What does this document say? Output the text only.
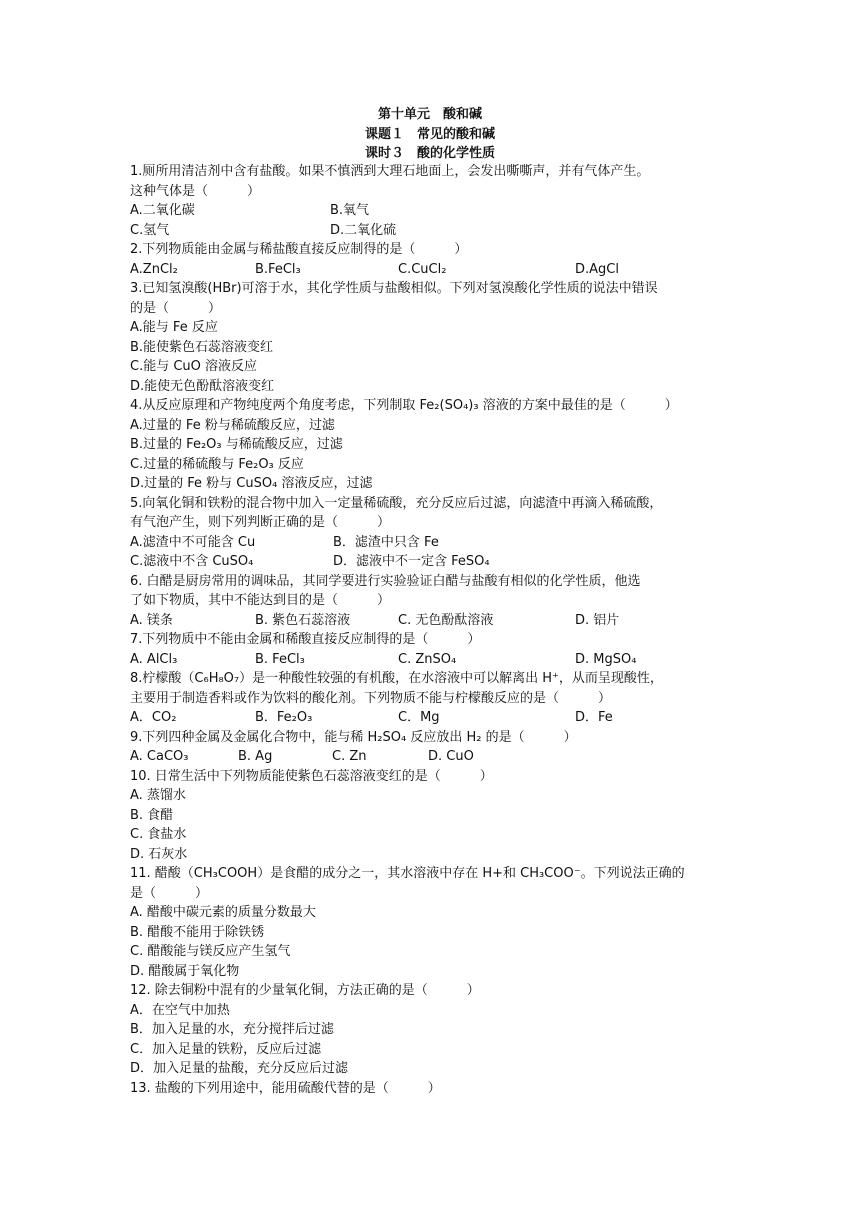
第十单元　酸和碱
课题１　常见的酸和碱
课时３　酸的化学性质
1.厕所用清洁剂中含有盐酸。如果不慎洒到大理石地面上，会发出嘶嘶声，并有气体产生。
这种气体是（　　　）
A.二氧化碳	B.氧气
C.氢气	D.二氧化硫
2.下列物质能由金属与稀盐酸直接反应制得的是（　　　）
A.ZnCl₂	B.FeCl₃	C.CuCl₂	D.AgCl
3.已知氢溴酸(HBr)可溶于水，其化学性质与盐酸相似。下列对氢溴酸化学性质的说法中错误
的是（　　　）
A.能与 Fe 反应
B.能使紫色石蕊溶液变红
C.能与 CuO 溶液反应
D.能使无色酚酞溶液变红
4.从反应原理和产物纯度两个角度考虑，下列制取 Fe₂(SO₄)₃ 溶液的方案中最佳的是（　　　）
A.过量的 Fe 粉与稀硫酸反应，过滤
B.过量的 Fe₂O₃ 与稀硫酸反应，过滤
C.过量的稀硫酸与 Fe₂O₃ 反应
D.过量的 Fe 粉与 CuSO₄ 溶液反应，过滤
5.向氧化铜和铁粉的混合物中加入一定量稀硫酸，充分反应后过滤，向滤渣中再滴入稀硫酸，
有气泡产生，则下列判断正确的是（　　　）
A.滤渣中不可能含 Cu	B．滤渣中只含 Fe
C.滤液中不含 CuSO₄	D．滤液中不一定含 FeSO₄
6. 白醋是厨房常用的调味品，其同学要进行实验验证白醋与盐酸有相似的化学性质，他选
了如下物质，其中不能达到目的是（　　　）
A. 镁条	B. 紫色石蕊溶液	C. 无色酚酞溶液	D. 铝片
7.下列物质中不能由金属和稀酸直接反应制得的是（　　　）
A. AlCl₃	B. FeCl₃	C. ZnSO₄	D. MgSO₄
8.柠檬酸（C₆H₈O₇）是一种酸性较强的有机酸，在水溶液中可以解离出 H⁺，从而呈现酸性，
主要用于制造香料或作为饮料的酸化剂。下列物质不能与柠檬酸反应的是（　　　）
A．CO₂	B．Fe₂O₃	C．Mg	D．Fe
9.下列四种金属及金属化合物中，能与稀 H₂SO₄ 反应放出 H₂ 的是（　　　）
A. CaCO₃	B. Ag	C. Zn	D. CuO
10. 日常生活中下列物质能使紫色石蕊溶液变红的是（　　　）
A. 蒸馏水
B. 食醋
C. 食盐水
D. 石灰水
11. 醋酸（CH₃COOH）是食醋的成分之一，其水溶液中存在 H+和 CH₃COO⁻。下列说法正确的
是（　　　）
A. 醋酸中碳元素的质量分数最大
B. 醋酸不能用于除铁锈
C. 醋酸能与镁反应产生氢气
D. 醋酸属于氧化物
12. 除去铜粉中混有的少量氧化铜，方法正确的是（　　　）
A．在空气中加热
B．加入足量的水，充分搅拌后过滤
C．加入足量的铁粉，反应后过滤
D．加入足量的盐酸，充分反应后过滤
13. 盐酸的下列用途中，能用硫酸代替的是（　　　）
